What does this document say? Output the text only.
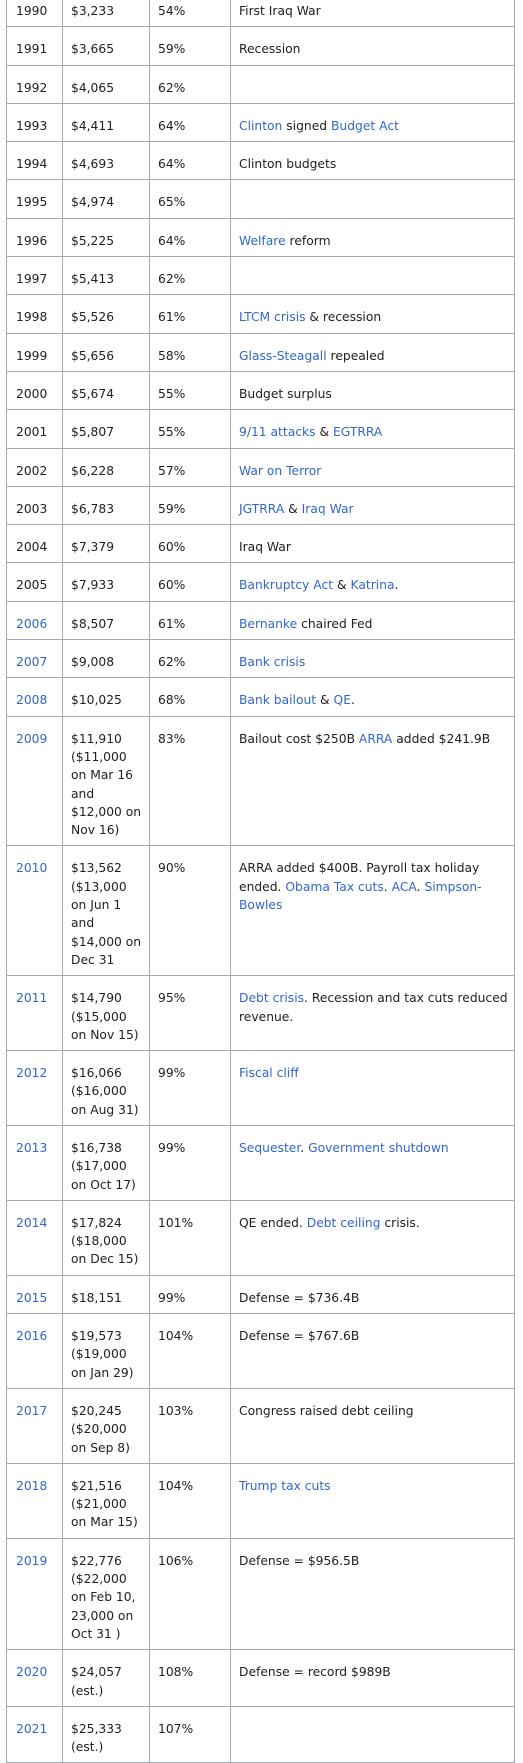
1990	$3,233	54%	First Iraq War
1991	$3,665	59%	Recession
1992	$4,065	62%	
1993	$4,411	64%	Clinton signed Budget Act
1994	$4,693	64%	Clinton budgets
1995	$4,974	65%	
1996	$5,225	64%	Welfare reform
1997	$5,413	62%	
1998	$5,526	61%	LTCM crisis & recession
1999	$5,656	58%	Glass-Steagall repealed
2000	$5,674	55%	Budget surplus
2001	$5,807	55%	9/11 attacks & EGTRRA
2002	$6,228	57%	War on Terror
2003	$6,783	59%	JGTRRA & Iraq War
2004	$7,379	60%	Iraq War
2005	$7,933	60%	Bankruptcy Act & Katrina.
2006	$8,507	61%	Bernanke chaired Fed
2007	$9,008	62%	Bank crisis
2008	$10,025	68%	Bank bailout & QE.
2009	$11,910 ($11,000 on Mar 16 and $12,000 on Nov 16)	83%	Bailout cost $250B ARRA added $241.9B
2010	$13,562 ($13,000 on Jun 1 and $14,000 on Dec 31	90%	ARRA added $400B. Payroll tax holiday ended. Obama Tax cuts. ACA. Simpson-Bowles
2011	$14,790 ($15,000 on Nov 15)	95%	Debt crisis. Recession and tax cuts reduced revenue.
2012	$16,066 ($16,000 on Aug 31)	99%	Fiscal cliff
2013	$16,738 ($17,000 on Oct 17)	99%	Sequester. Government shutdown
2014	$17,824 ($18,000 on Dec 15)	101%	QE ended. Debt ceiling crisis.
2015	$18,151	99%	Defense = $736.4B
2016	$19,573 ($19,000 on Jan 29)	104%	Defense = $767.6B
2017	$20,245 ($20,000 on Sep 8)	103%	Congress raised debt ceiling
2018	$21,516 ($21,000 on Mar 15)	104%	Trump tax cuts
2019	$22,776 ($22,000 on Feb 10, 23,000 on Oct 31 )	106%	Defense = $956.5B
2020	$24,057 (est.)	108%	Defense = record $989B
2021	$25,333 (est.)	107%	
